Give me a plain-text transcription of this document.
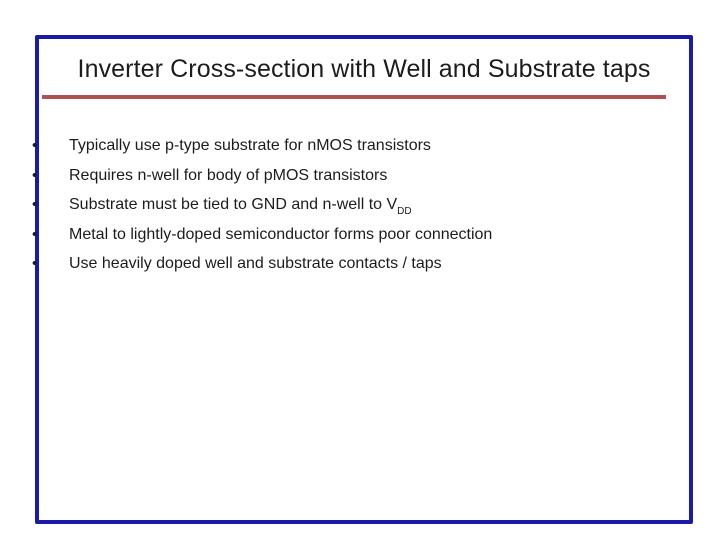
Inverter Cross-section with Well and Substrate taps
•	Typically use p-type substrate for nMOS transistors
•	Requires n-well for body of pMOS transistors
•	Substrate must be tied to GND and n-well to $V_{DD}$
•	Metal to lightly-doped semiconductor forms poor connection
•	Use heavily doped well and substrate contacts / taps
